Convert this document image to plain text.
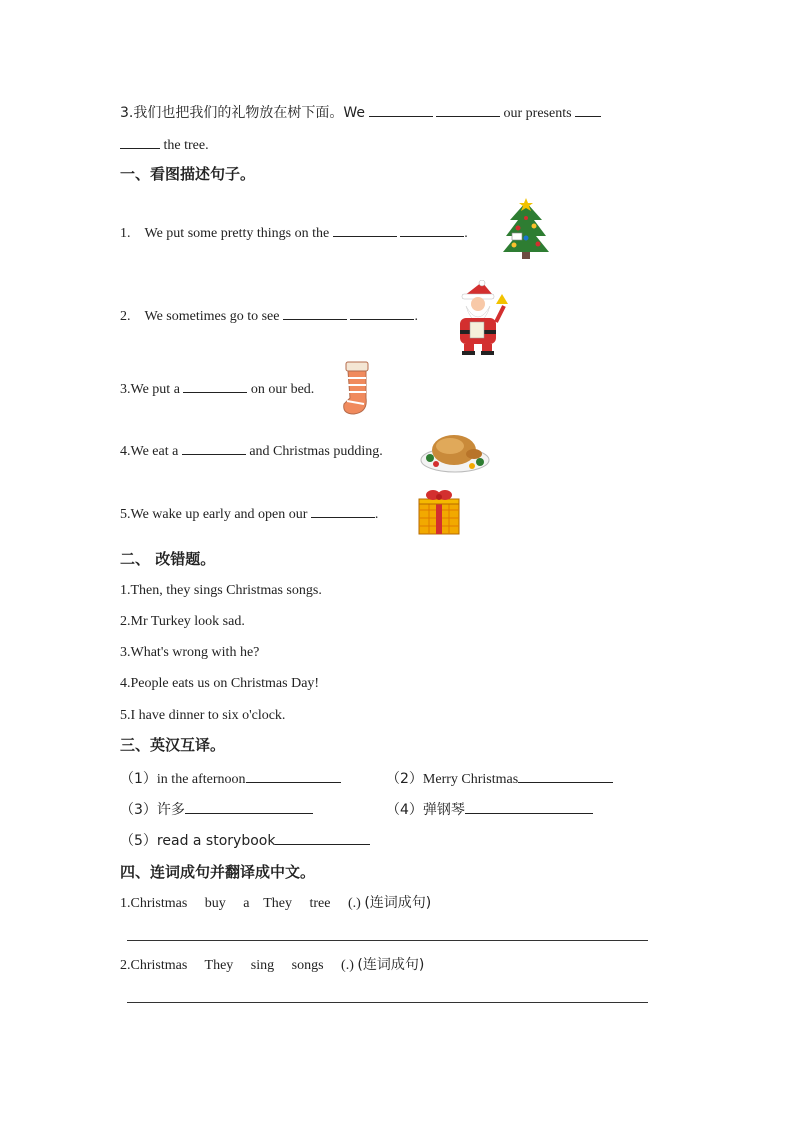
3.我们也把我们的礼物放在树下面。We	our presents
the tree.
一、看图描述句子。
1. We put some pretty things on the	.
2. We sometimes go to see	.
3.We put a	on our bed.
4.We eat a	and Christmas pudding.
5.We wake up early and open our	.
二、 改错题。
1.Then, they sings Christmas songs.
2.Mr Turkey look sad.
3.What's wrong with he?
4.People eats us on Christmas Day!
5.I have dinner to six o'clock.
三、英汉互译。
（1）in the afternoon	（2）Merry Christmas
（3）许多	（4）弹钢琴
（5）read a storybook
四、连词成句并翻译成中文。
1.Christmas     buy     a    They     tree     (.) (连词成句)
2.Christmas     They     sing     songs     (.) (连词成句)
